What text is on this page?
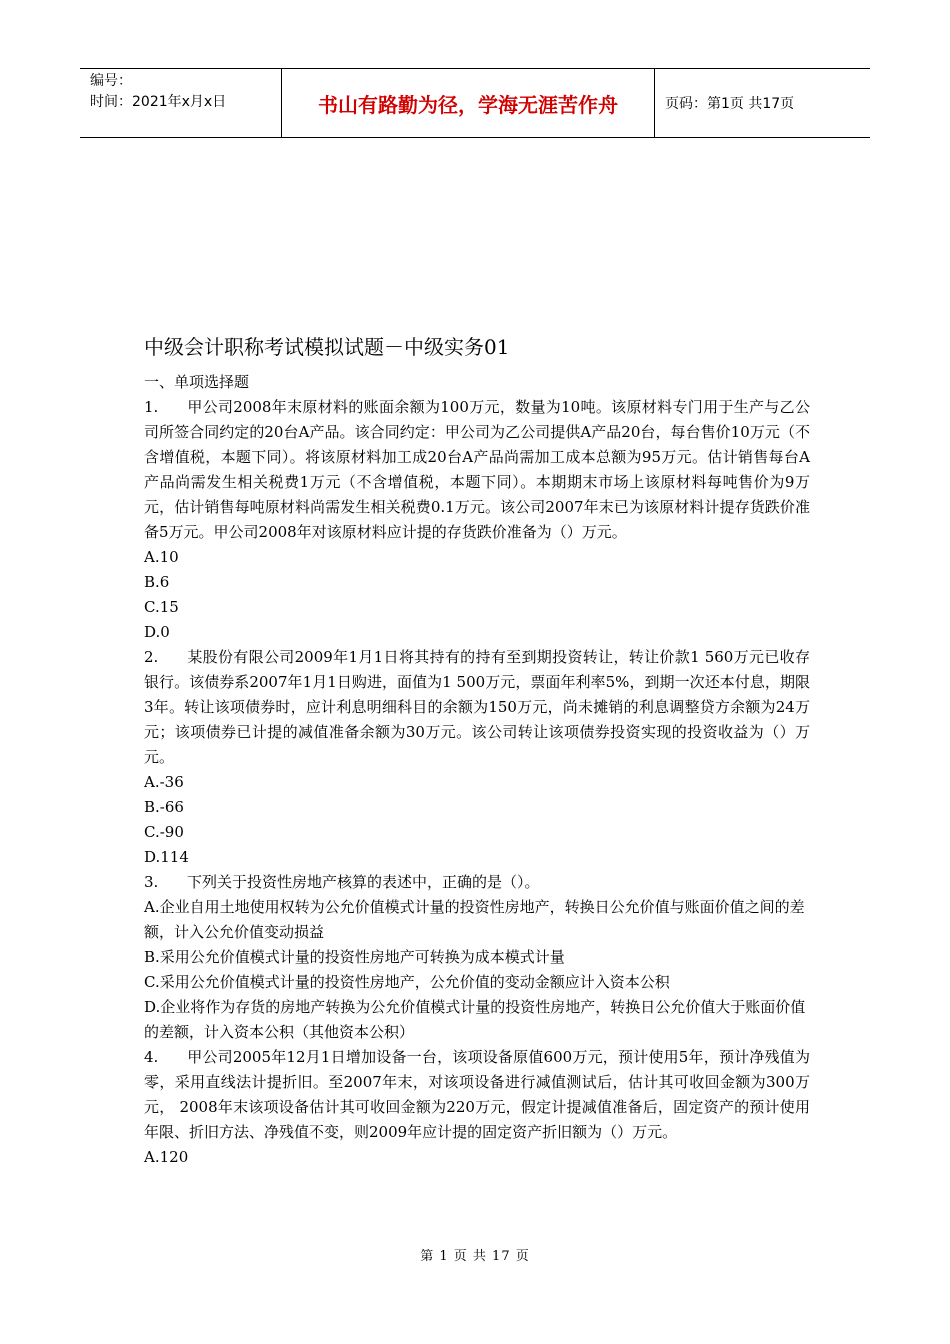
编号：
时间：2021年x月x日	书山有路勤为径，学海无涯苦作舟	页码：第1页 共17页
中级会计职称考试模拟试题－中级实务01

一、单项选择题

1. 甲公司2008年末原材料的账面余额为100万元，数量为10吨。该原材料专门用于生产与乙公司所签合同约定的20台A产品。该合同约定：甲公司为乙公司提供A产品20台，每台售价10万元（不含增值税，本题下同）。将该原材料加工成20台A产品尚需加工成本总额为95万元。估计销售每台A产品尚需发生相关税费1万元（不含增值税，本题下同）。本期期末市场上该原材料每吨售价为9万元，估计销售每吨原材料尚需发生相关税费0.1万元。该公司2007年末已为该原材料计提存货跌价准备5万元。甲公司2008年对该原材料应计提的存货跌价准备为（）万元。

A.10

B.6

C.15

D.0

2. 某股份有限公司2009年1月1日将其持有的持有至到期投资转让，转让价款1 560万元已收存银行。该债券系2007年1月1日购进，面值为1 500万元，票面年利率5%，到期一次还本付息，期限3年。转让该项债券时，应计利息明细科目的余额为150万元，尚未摊销的利息调整贷方余额为24万元；该项债券已计提的减值准备余额为30万元。该公司转让该项债券投资实现的投资收益为（）万元。

A.-36

B.-66

C.-90

D.114

3. 下列关于投资性房地产核算的表述中，正确的是（）。

A.企业自用土地使用权转为公允价值模式计量的投资性房地产，转换日公允价值与账面价值之间的差额，计入公允价值变动损益

B.采用公允价值模式计量的投资性房地产可转换为成本模式计量

C.采用公允价值模式计量的投资性房地产，公允价值的变动金额应计入资本公积

D.企业将作为存货的房地产转换为公允价值模式计量的投资性房地产，转换日公允价值大于账面价值的差额，计入资本公积（其他资本公积）

4. 甲公司2005年12月1日增加设备一台，该项设备原值600万元，预计使用5年，预计净残值为零，采用直线法计提折旧。至2007年末，对该项设备进行减值测试后，估计其可收回金额为300万元， 2008年末该项设备估计其可收回金额为220万元，假定计提减值准备后，固定资产的预计使用年限、折旧方法、净残值不变，则2009年应计提的固定资产折旧额为（）万元。

A.120

第 1 页 共 17 页
